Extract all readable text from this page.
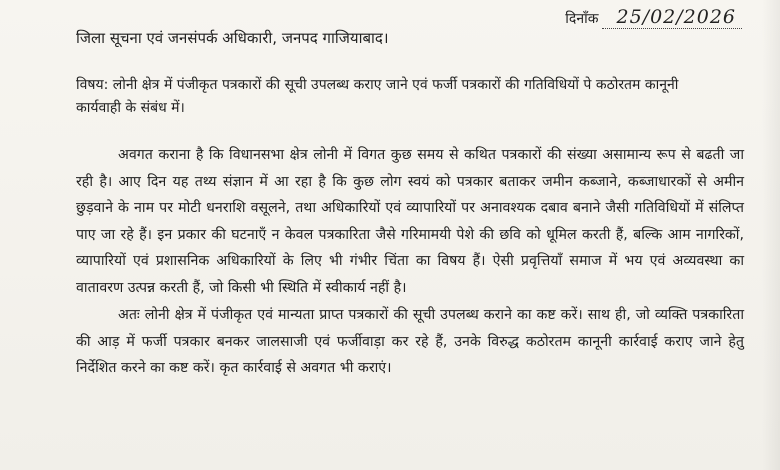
दिनाँक 25/02/2026
जिला सूचना एवं जनसंपर्क अधिकारी, जनपद गाजियाबाद।
विषय: लोनी क्षेत्र में पंजीकृत पत्रकारों की सूची उपलब्ध कराए जाने एवं फर्जी पत्रकारों की गतिविधियों पे कठोरतम कानूनी कार्यवाही के संबंध में।

अवगत कराना है कि विधानसभा क्षेत्र लोनी में विगत कुछ समय से कथित पत्रकारों की संख्या असामान्य रूप से बढती जा रही है। आए दिन यह तथ्य संज्ञान में आ रहा है कि कुछ लोग स्वयं को पत्रकार बताकर जमीन कब्जाने, कब्जाधारकों से अमीन छुड़वाने के नाम पर मोटी धनराशि वसूलने, तथा अधिकारियों एवं व्यापारियों पर अनावश्यक दबाव बनाने जैसी गतिविधियों में संलिप्त पाए जा रहे हैं। इन प्रकार की घटनाएँ न केवल पत्रकारिता जैसे गरिमामयी पेशे की छवि को धूमिल करती हैं, बल्कि आम नागरिकों, व्यापारियों एवं प्रशासनिक अधिकारियों के लिए भी गंभीर चिंता का विषय हैं। ऐसी प्रवृत्तियाँ समाज में भय एवं अव्यवस्था का वातावरण उत्पन्न करती हैं, जो किसी भी स्थिति में स्वीकार्य नहीं है।

अतः लोनी क्षेत्र में पंजीकृत एवं मान्यता प्राप्त पत्रकारों की सूची उपलब्ध कराने का कष्ट करें। साथ ही, जो व्यक्ति पत्रकारिता की आड़ में फर्जी पत्रकार बनकर जालसाजी एवं फर्जीवाड़ा कर रहे हैं, उनके विरुद्ध कठोरतम कानूनी कार्रवाई कराए जाने हेतु निर्देशित करने का कष्ट करें। कृत कार्रवाई से अवगत भी कराएं।
